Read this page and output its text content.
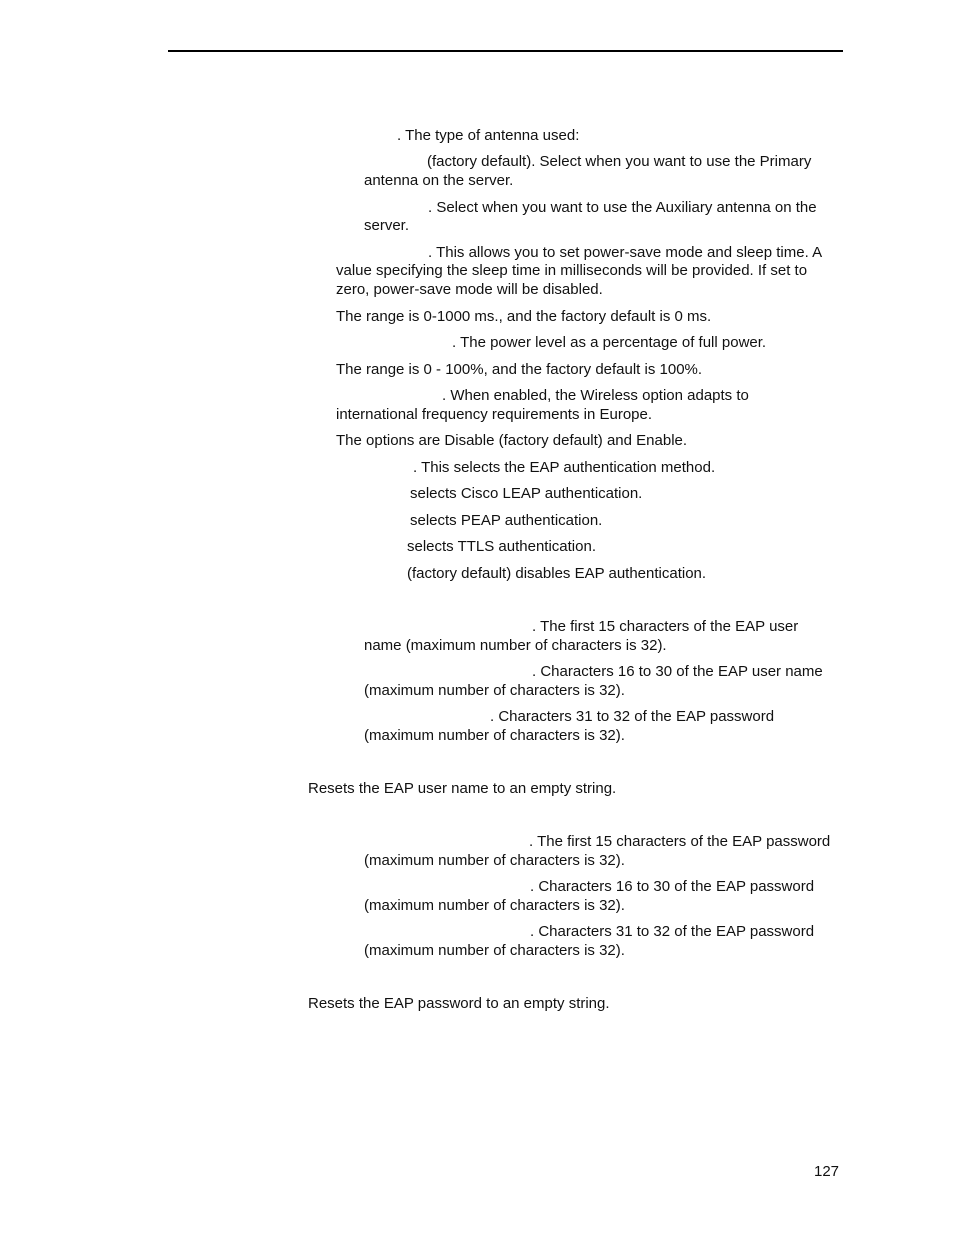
. The type of antenna used:
(factory default). Select when you want to use the Primary
antenna on the server.
. Select when you want to use the Auxiliary antenna on the
server.
. This allows you to set power-save mode and sleep time. A
value specifying the sleep time in milliseconds will be provided. If set to
zero, power-save mode will be disabled.
The range is 0-1000 ms., and the factory default is 0 ms.
. The power level as a percentage of full power.
The range is 0 - 100%, and the factory default is 100%.
. When enabled, the Wireless option adapts to
international frequency requirements in Europe.
The options are Disable (factory default) and Enable.
. This selects the EAP authentication method.
selects Cisco LEAP authentication.
selects PEAP authentication.
selects TTLS authentication.
(factory default) disables EAP authentication.
. The first 15 characters of the EAP user
name (maximum number of characters is 32).
. Characters 16 to 30 of the EAP user name
(maximum number of characters is 32).
. Characters 31 to 32 of the EAP password
(maximum number of characters is 32).
Resets the EAP user name to an empty string.
. The first 15 characters of the EAP password
(maximum number of characters is 32).
. Characters 16 to 30 of the EAP password
(maximum number of characters is 32).
. Characters 31 to 32 of the EAP password
(maximum number of characters is 32).
Resets the EAP password to an empty string.
127
